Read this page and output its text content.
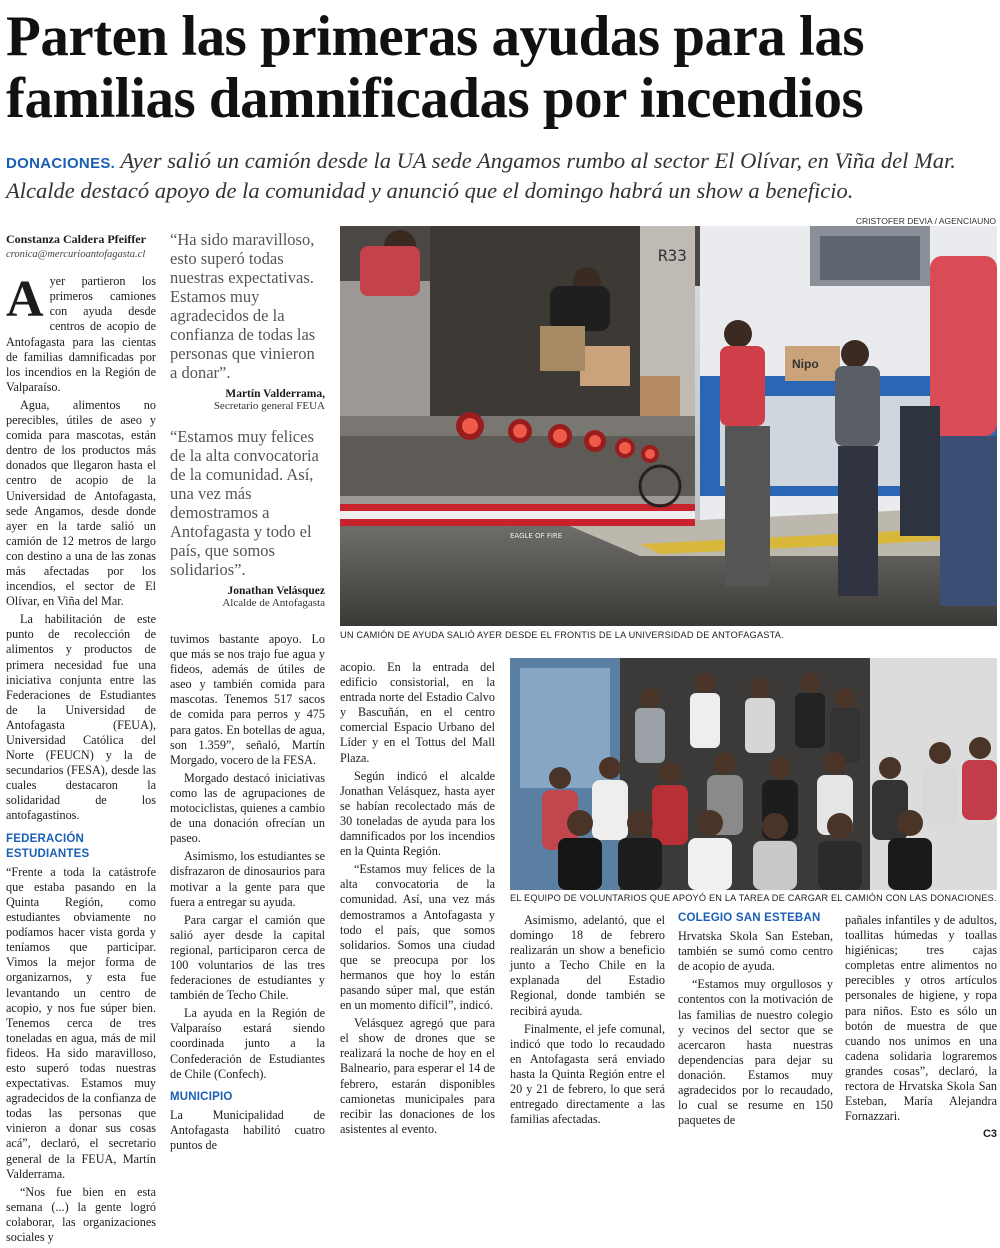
Parten las primeras ayudas para las familias damnificadas por incendios

DONACIONES. Ayer salió un camión desde la UA sede Angamos rumbo al sector El Olívar, en Viña del Mar. Alcalde destacó apoyo de la comunidad y anunció que el domingo habrá un show a beneficio.

Constanza Caldera Pfeiffer
cronica@mercurioantofagasta.cl

Ayer partieron los primeros camiones con ayuda desde centros de acopio de Antofagasta para las cientas de familias damnificadas por los incendios en la Región de Valparaíso.

Agua, alimentos no perecibles, útiles de aseo y comida para mascotas, están dentro de los productos más donados que llegaron hasta el centro de acopio de la Universidad de Antofagasta, sede Angamos, desde donde ayer en la tarde salió un camión de 12 metros de largo con destino a una de las zonas más afectadas por los incendios, el sector de El Olívar, en Viña del Mar.

La habilitación de este punto de recolección de alimentos y productos de primera necesidad fue una iniciativa conjunta entre las Federaciones de Estudiantes de la Universidad de Antofagasta (FEUA), Universidad Católica del Norte (FEUCN) y la de secundarios (FESA), desde las cuales destacaron la solidaridad de los antofagastinos.

FEDERACIÓN ESTUDIANTES

“Frente a toda la catástrofe que estaba pasando en la Quinta Región, como estudiantes obviamente no podíamos hacer vista gorda y teníamos que participar. Vimos la mejor forma de organizarnos, y esta fue levantando un centro de acopio, y nos fue súper bien. Tenemos cerca de tres toneladas en agua, más de mil fideos. Ha sido maravilloso, esto superó todas nuestras expectativas. Estamos muy agradecidos de la confianza de todas las personas que vinieron a donar sus cosas acá”, declaró, el secretario general de la FEUA, Martín Valderrama.

“Nos fue bien en esta semana (...) la gente logró colaborar, las organizaciones sociales y

“Ha sido maravilloso, esto superó todas nuestras expectativas. Estamos muy agradecidos de la confianza de todas las personas que vinieron a donar”.
Martín Valderrama,
Secretario general FEUA
“Estamos muy felices de la alta convocatoria de la comunidad. Así, una vez más demostramos a Antofagasta y todo el país, que somos solidarios”.
Jonathan Velásquez
Alcalde de Antofagasta
CRISTOFER DEVIA / AGENCIAUNO
R33
EAGLE OF FIRE
Nipo
UN CAMIÓN DE AYUDA SALIÓ AYER DESDE EL FRONTIS DE LA UNIVERSIDAD DE ANTOFAGASTA.

tuvimos bastante apoyo. Lo que más se nos trajo fue agua y fideos, además de útiles de aseo y también comida para mascotas. Tenemos 517 sacos de comida para perros y 475 para gatos. En botellas de agua, son 1.359”, señaló, Martín Morgado, vocero de la FESA.

Morgado destacó iniciativas como las de agrupaciones de motociclistas, quienes a cambio de una donación ofrecían un paseo.

Asimismo, los estudiantes se disfrazaron de dinosaurios para motivar a la gente para que fuera a entregar su ayuda.

Para cargar el camión que salió ayer desde la capital regional, participaron cerca de 100 voluntarios de las tres federaciones de estudiantes y también de Techo Chile.

La ayuda en la Región de Valparaíso estará siendo coordinada junto a la Confederación de Estudiantes de Chile (Confech).

MUNICIPIO

La Municipalidad de Antofagasta habilitó cuatro puntos de

acopio. En la entrada del edificio consistorial, en la entrada norte del Estadio Calvo y Bascuñán, en el centro comercial Espacio Urbano del Líder y en el Tottus del Mall Plaza.

Según indicó el alcalde Jonathan Velásquez, hasta ayer se habían recolectado más de 30 toneladas de ayuda para los damnificados por los incendios en la Quinta Región.

“Estamos muy felices de la alta convocatoria de la comunidad. Así, una vez más demostramos a Antofagasta y todo el país, que somos solidarios. Somos una ciudad que se preocupa por los hermanos que hoy lo están pasando súper mal, que están en un momento difícil”, indicó.

Velásquez agregó que para el show de drones que se realizará la noche de hoy en el Balneario, para esperar el 14 de febrero, estarán disponibles camionetas municipales para recibir las donaciones de los asistentes al evento.

EL EQUIPO DE VOLUNTARIOS QUE APOYÓ EN LA TAREA DE CARGAR EL CAMIÓN CON LAS DONACIONES.

Asimismo, adelantó, que el domingo 18 de febrero realizarán un show a beneficio junto a Techo Chile en la explanada del Estadio Regional, donde también se recibirá ayuda.

Finalmente, el jefe comunal, indicó que todo lo recaudado en Antofagasta será enviado hasta la Quinta Región entre el 20 y 21 de febrero, lo que será entregado directamente a las familias afectadas.

COLEGIO SAN ESTEBAN

Hrvatska Skola San Esteban, también se sumó como centro de acopio de ayuda.

“Estamos muy orgullosos y contentos con la motivación de las familias de nuestro colegio y vecinos del sector que se acercaron hasta nuestras dependencias para dejar su donación. Estamos muy agradecidos por lo recaudado, lo cual se resume en 150 paquetes de

pañales infantiles y de adultos, toallitas húmedas y toallas higiénicas; tres cajas completas entre alimentos no perecibles y otros artículos personales de higiene, y ropa para niños. Esto es sólo un botón de muestra de que cuando nos unimos en una cadena solidaria lograremos grandes cosas”, declaró, la rectora de Hrvatska Skola San Esteban, María Alejandra Fornazzari.

C3
